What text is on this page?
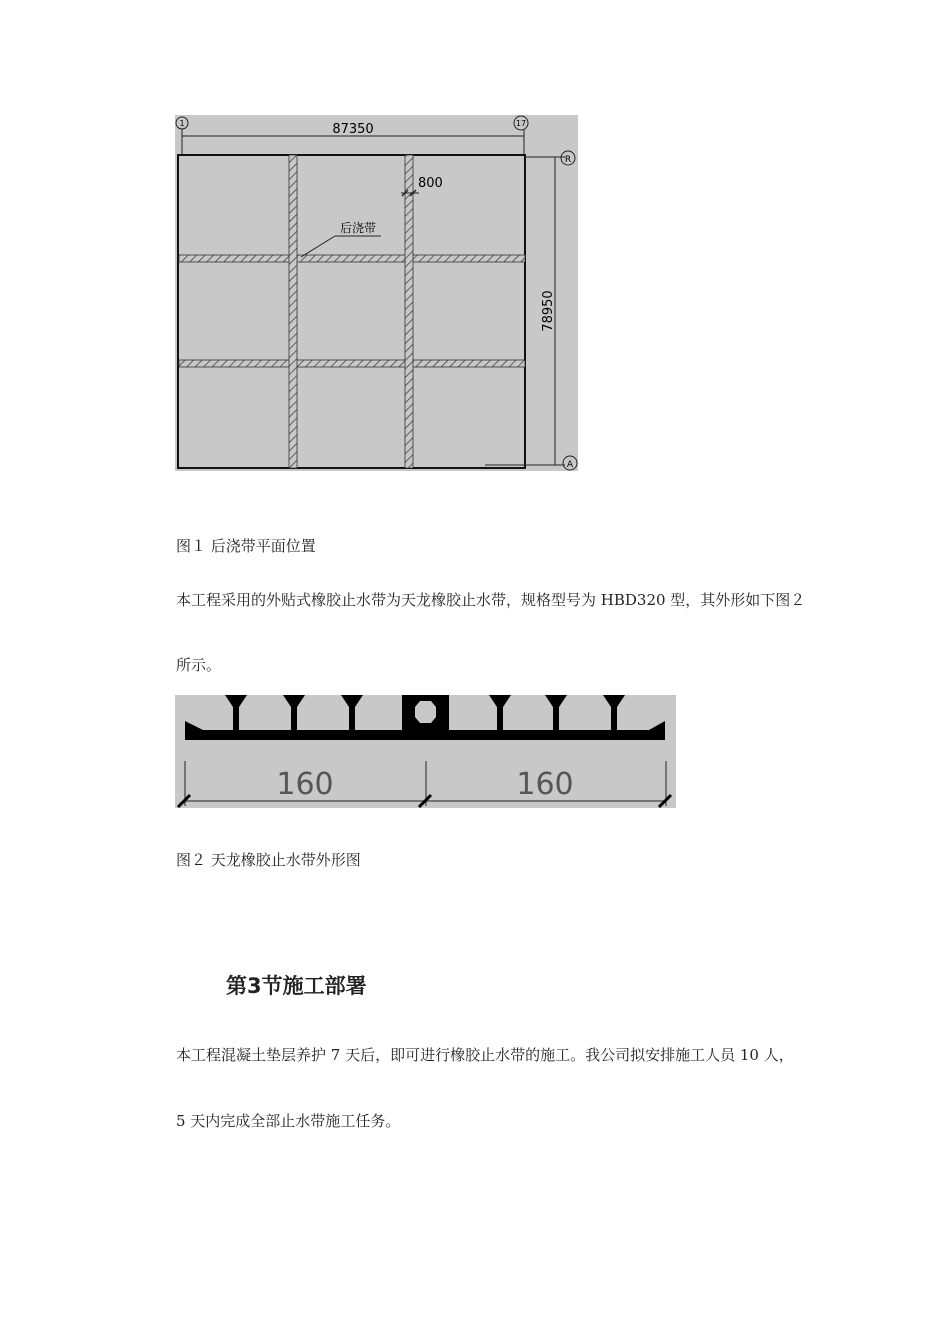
1	17
87350
800
后浇带
R
A
78950
图１ 后浇带平面位置
本工程采用的外贴式橡胶止水带为天龙橡胶止水带，规格型号为 HBD320 型，其外形如下图２
所示。
160	160
图２ 天龙橡胶止水带外形图
第3节施工部署
本工程混凝土垫层养护 7 天后，即可进行橡胶止水带的施工。我公司拟安排施工人员 10 人，
5 天内完成全部止水带施工任务。
